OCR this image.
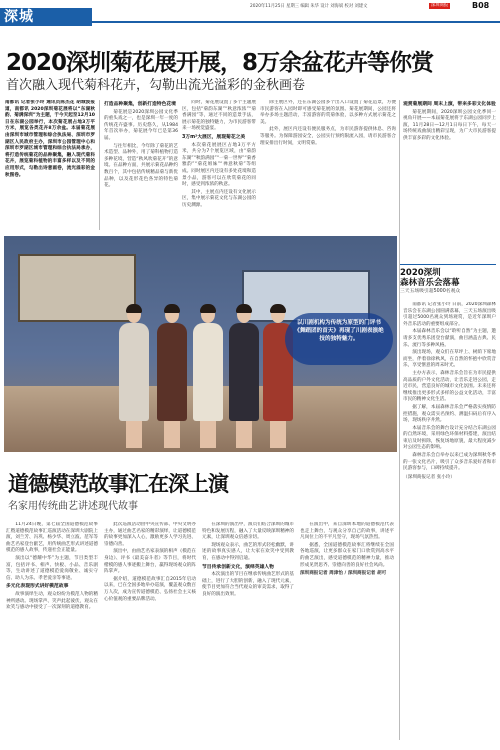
深城
2020年11月25日 星期三 编辑 朱华 设计 刘海斌 校对 刘建文	深圳商报	B08
2020深圳菊花展开展，8万余盆花卉等你赏
首次融入现代菊科花卉，勾勒出流光溢彩的金秋画卷

南都讯 记者张小玲 通讯员陈杰花 胡城波报道，南都讯 2020深圳菊花展将以“东湖秋韵、菊满深圳”为主题，于今天起至12月10日在东湖公园举行，本次菊花展占地3万平方米，展览各类花卉8万余盆。本届菊花展由深圳市城市管理和综合执法局、深圳市罗湖区人民政府主办，深圳市公园管理中心和深圳市罗湖区城市管理和综合执法局承办，将打造传统菊花的品种聚集，融入现代菊科花卉，展览菊科植物的丰富多样以及不同的应用形式，勾勒出诗意画卷，流光溢彩的金秋图卷。

打造品种聚集，创新打造特色花境

菊花展是2020深圳公园文化季的重头戏之一，也是深圳一年一度的传统花卉盛事。历史悠久，从1984年首次举办，菊花展今年已是第36届。

与往年相比，今年除了菊花的艺术造型、品种外，用了菊科植物打造多种花境，营造“秋风吹菊花开”的意境。在品种方面，共展示菊花品种约数百个，其中包括传统精品菊与新优品种，以及花形花色各异的特色菊花。

同时，菊花展设置了多个主题展区，包括“菊韵东湖”“秋意浓浓”“菊香满园”等，通过不同的造景手法，展示菊花的独特魅力，为市民游客带来一场视觉盛宴。

3万m²大展区，展现菊花之美

本次菊花展展区占地3万平方米，共分为7个展览区域，由“菊韵东湖”“秋韵满园”“一菊一世界”“菊香雅韵”“菊花姐妹”“禅意秋菊”等组成。同时展区内还设有多处花境和造景小品，游客可以在欣赏菊花的同时，感受到浓浓的秋意。

其中，主展点内还设有文化展示区，集中展示菊花文化与东湖公园的历史渊源。

除主展区外，还在东湖公园多个出入口设置了菊花造景，方便市民游客在入园时即可感受菊花展的氛围。菊花展期间，公园还将举办多场主题活动，丰富游客的赏菊体验，以多种方式展示菊花之美。

此外，展区内还设有便民服务点，为市民游客提供休息、咨询等服务。为保障游园安全，公园实行预约限流入园，请市民游客合理安排出行时间，文明赏菊。

观赏菊展期间 周末上演，带来多彩文化体验

菊花展期间，2020深圳公园文化季同一视角开展——本届菊花展将于东湖公园同步上演，11月28日—12月1日每日下午，每天一场传统戏曲演出精彩呈现，为广大市民游客提供丰富多彩的文化体验。

以川剧机构为传统为原型的门评书《舞蹈团的首天》再现了川剧表演绝技的独特魅力。
2020深圳
森林音乐会落幕
三天五场吸引超5000名观众

南都讯 记者张小玲 日前，2020深圳森林音乐会在东湖公园圆满落幕，三天五场演出吸引超过5000名观众到场观赏，是近年深圳户外音乐活动的重要组成部分。

本届森林音乐会以“聆听自然”为主题，邀请多支优秀乐团登台献演，曲目涵盖古典、民乐、流行等多种风格。

演出现场，观众们在草坪上、树荫下席地而坐，伴着徐徐秋风，在自然的怀抱中欣赏音乐，享受惬意的周末时光。

主办方表示，森林音乐会旨在为市民提供高品质的户外文化活动，让音乐走进公园，走近市民，营造良好的城市文化氛围。未来还将继续推出更多形式多样的公益文化活动，丰富市民的精神文化生活。

据了解，本届森林音乐会严格落实疫情防控措施，观众需实名预约、测温扫码后有序入场，现场秩序井然。

本届音乐会的舞台设计充分结合东湖公园的自然环境，采用绿色环保材料搭建，演出结束后及时拆除，恢复场地原貌，最大程度减少对公园生态的影响。

森林音乐会自举办以来已成为深圳秋冬季的一张文化名片，吸引了众多音乐爱好者和市民游客参与，口碑持续提升。

（深圳商报记者 张小玲）

道德模范故事汇在深上演
名家用传统曲艺讲述现代故事

11月24日晚，第七届全国道德模范故事汇暨道德模范故事汇巡演活动在深圳大剧院上演，刘兰芳、冯巩、杨少华、周立波、范军等曲艺名家登台献艺，用传统曲艺形式讲述道德模范的感人故事，传递社会正能量。

演出以“德耀中华”为主题，节目类型丰富，包括评书、相声、快板、小品、音乐剧等，生动讲述了道德模范爱岗敬业、诚实守信、助人为乐、孝老爱亲等事迹。

多元化表现形式讲好模范故事

故事演绎生动，观众纷纷为模范人物的精神所感动。现场掌声、笑声此起彼伏，观众在欢笑与感动中接受了一次深刻的道德教育。

此次巡演活动由中央宣传部、中央文明办主办，通过曲艺名家的精彩演绎，让道德模范的故事更加深入人心，激励更多人学习先进、崇德向善。

演出中，由曲艺名家表演的相声《模范在身边》、评书《最美奋斗者》等节目，将时代楷模的感人事迹搬上舞台，赢得现场观众的阵阵掌声。

据介绍，道德模范故事汇自2015年启动以来，已在全国多地举办巡演，覆盖观众数百万人次，成为宣传道德模范、弘扬社会主义核心价值观的重要品牌活动。

在深圳的演出中，演员们结合深圳的城市特色和发展历程，融入了大量反映深圳精神的元素，让深圳观众倍感亲切。

现场观众表示，曲艺的形式轻松幽默，讲述的故事真实感人，让大家在欢笑中受到教育，在感动中得到启迪。

节目传承创新文化，演绎英雄人物

本次演出的节目在继承传统曲艺形式的基础上，进行了大胆的创新，融入了现代元素，使节目更加符合当代观众的审美需求，取得了良好的演出效果。

在演出中，来自深圳本地的道德模范代表也走上舞台，与观众分享自己的故事，讲述平凡岗位上的不平凡坚守，现场气氛热烈。

据悉，全国道德模范故事汇将继续在全国各地巡演，让更多群众在家门口欣赏到高水平的曲艺演出，感受道德模范的精神力量，推动形成见贤思齐、崇德向善的良好社会风尚。

深圳商报记者 周津怡 / 深圳商报记者 胡可
